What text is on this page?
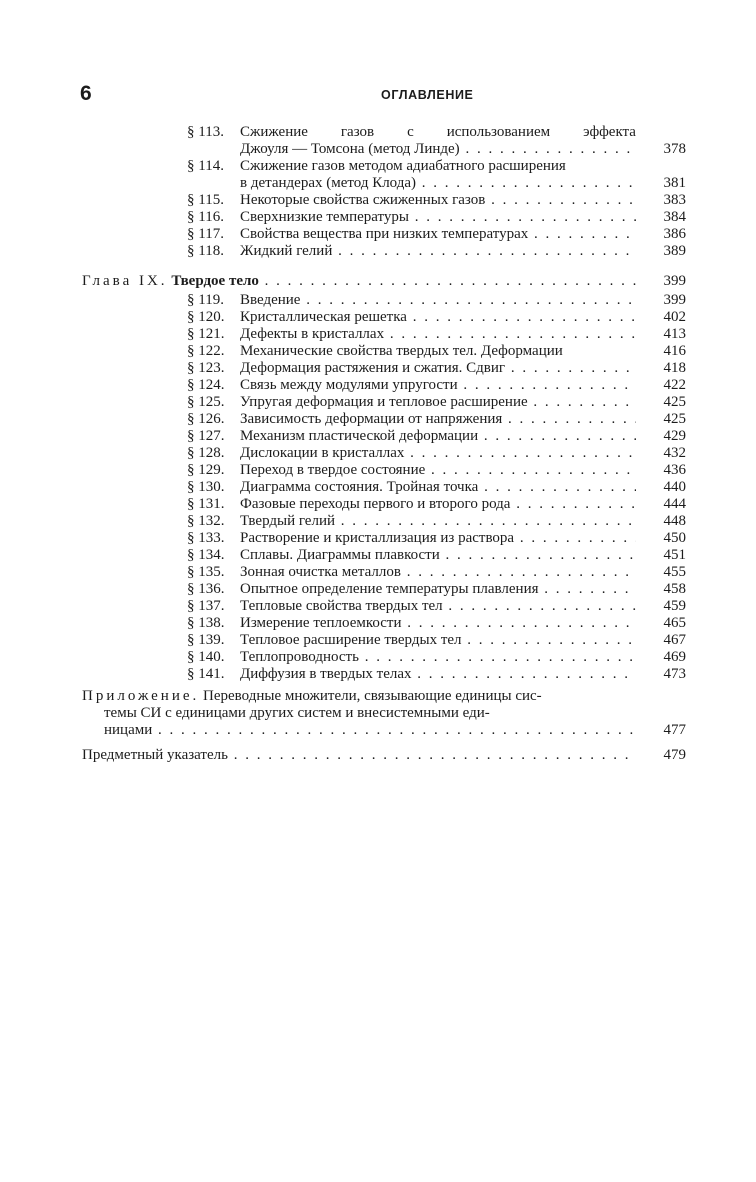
6	ОГЛАВЛЕНИЕ
§ 113. Сжижение газов с использованием эффекта
Джоуля — Томсона (метод Линде) . . .	378
§ 114. Сжижение газов методом адиабатного расширения
в детандерах (метод Клода) . . .	381
§ 115. Некоторые свойства сжиженных газов . . .	383
§ 116. Сверхнизкие температуры . . .	384
§ 117. Свойства вещества при низких температурах . . .	386
§ 118. Жидкий гелий . . .	389
Глава IX. Твердое тело . . .	399
§ 119. Введение . . .	399
§ 120. Кристаллическая решетка . . .	402
§ 121. Дефекты в кристаллах . . .	413
§ 122. Механические свойства твердых тел. Деформации	416
§ 123. Деформация растяжения и сжатия. Сдвиг . . .	418
§ 124. Связь между модулями упругости . . .	422
§ 125. Упругая деформация и тепловое расширение . . .	425
§ 126. Зависимость деформации от напряжения . . .	425
§ 127. Механизм пластической деформации . . .	429
§ 128. Дислокации в кристаллах . . .	432
§ 129. Переход в твердое состояние . . .	436
§ 130. Диаграмма состояния. Тройная точка . . .	440
§ 131. Фазовые переходы первого и второго рода . . .	444
§ 132. Твердый гелий . . .	448
§ 133. Растворение и кристаллизация из раствора . . .	450
§ 134. Сплавы. Диаграммы плавкости . . .	451
§ 135. Зонная очистка металлов . . .	455
§ 136. Опытное определение температуры плавления . . .	458
§ 137. Тепловые свойства твердых тел . . .	459
§ 138. Измерение теплоемкости . . .	465
§ 139. Тепловое расширение твердых тел . . .	467
§ 140. Теплопроводность . . .	469
§ 141. Диффузия в твердых телах . . .	473
Приложение. Переводные множители, связывающие единицы сис-
темы СИ с единицами других систем и внесистемными еди-
ницами . . .	477
Предметный указатель . . .	479
